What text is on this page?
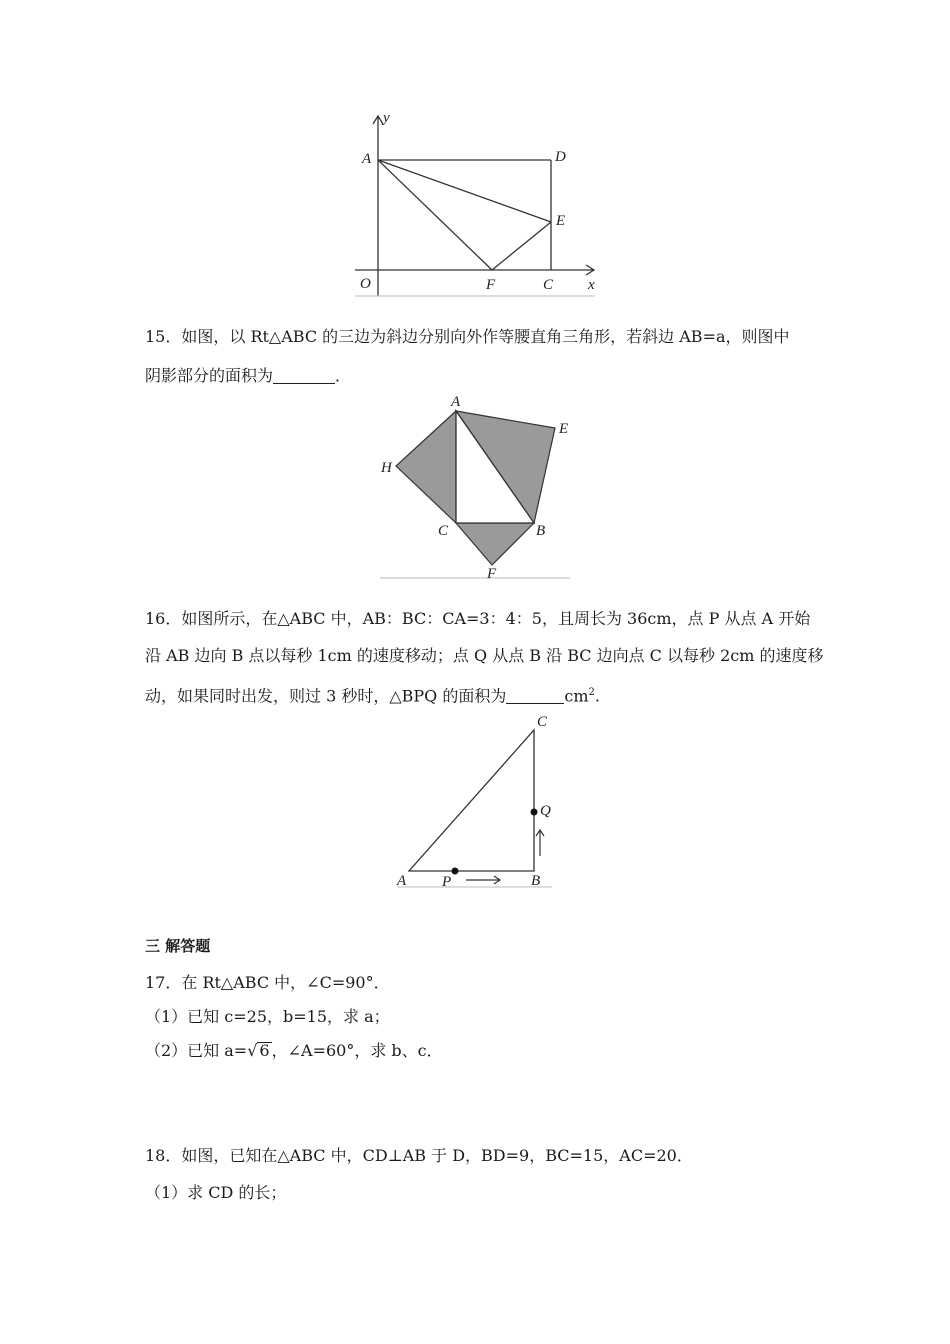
y
A	D
E
O	F	C x
15．如图，以 Rt△ABC 的三边为斜边分别向外作等腰直角三角形，若斜边 AB=a，则图中
阴影部分的面积为	．
A
E
H
C	B
F
16．如图所示，在△ABC 中，AB：BC：CA=3：4：5，且周长为 36cm，点 P 从点 A 开始
沿 AB 边向 B 点以每秒 1cm 的速度移动；点 Q 从点 B 沿 BC 边向点 C 以每秒 2cm 的速度移
动，如果同时出发，则过 3 秒时，△BPQ 的面积为	$cm^2$.
C
Q
A P	B
三 解答题
17．在 Rt△ABC 中，∠C=90°．
（1）已知 c=25，b=15，求 a；
（2）已知 a=√ 6 ，∠A=60°，求 b、c．
18．如图，已知在△ABC 中，CD⊥AB 于 D，BD=9，BC=15，AC=20．
（1）求 CD 的长；
